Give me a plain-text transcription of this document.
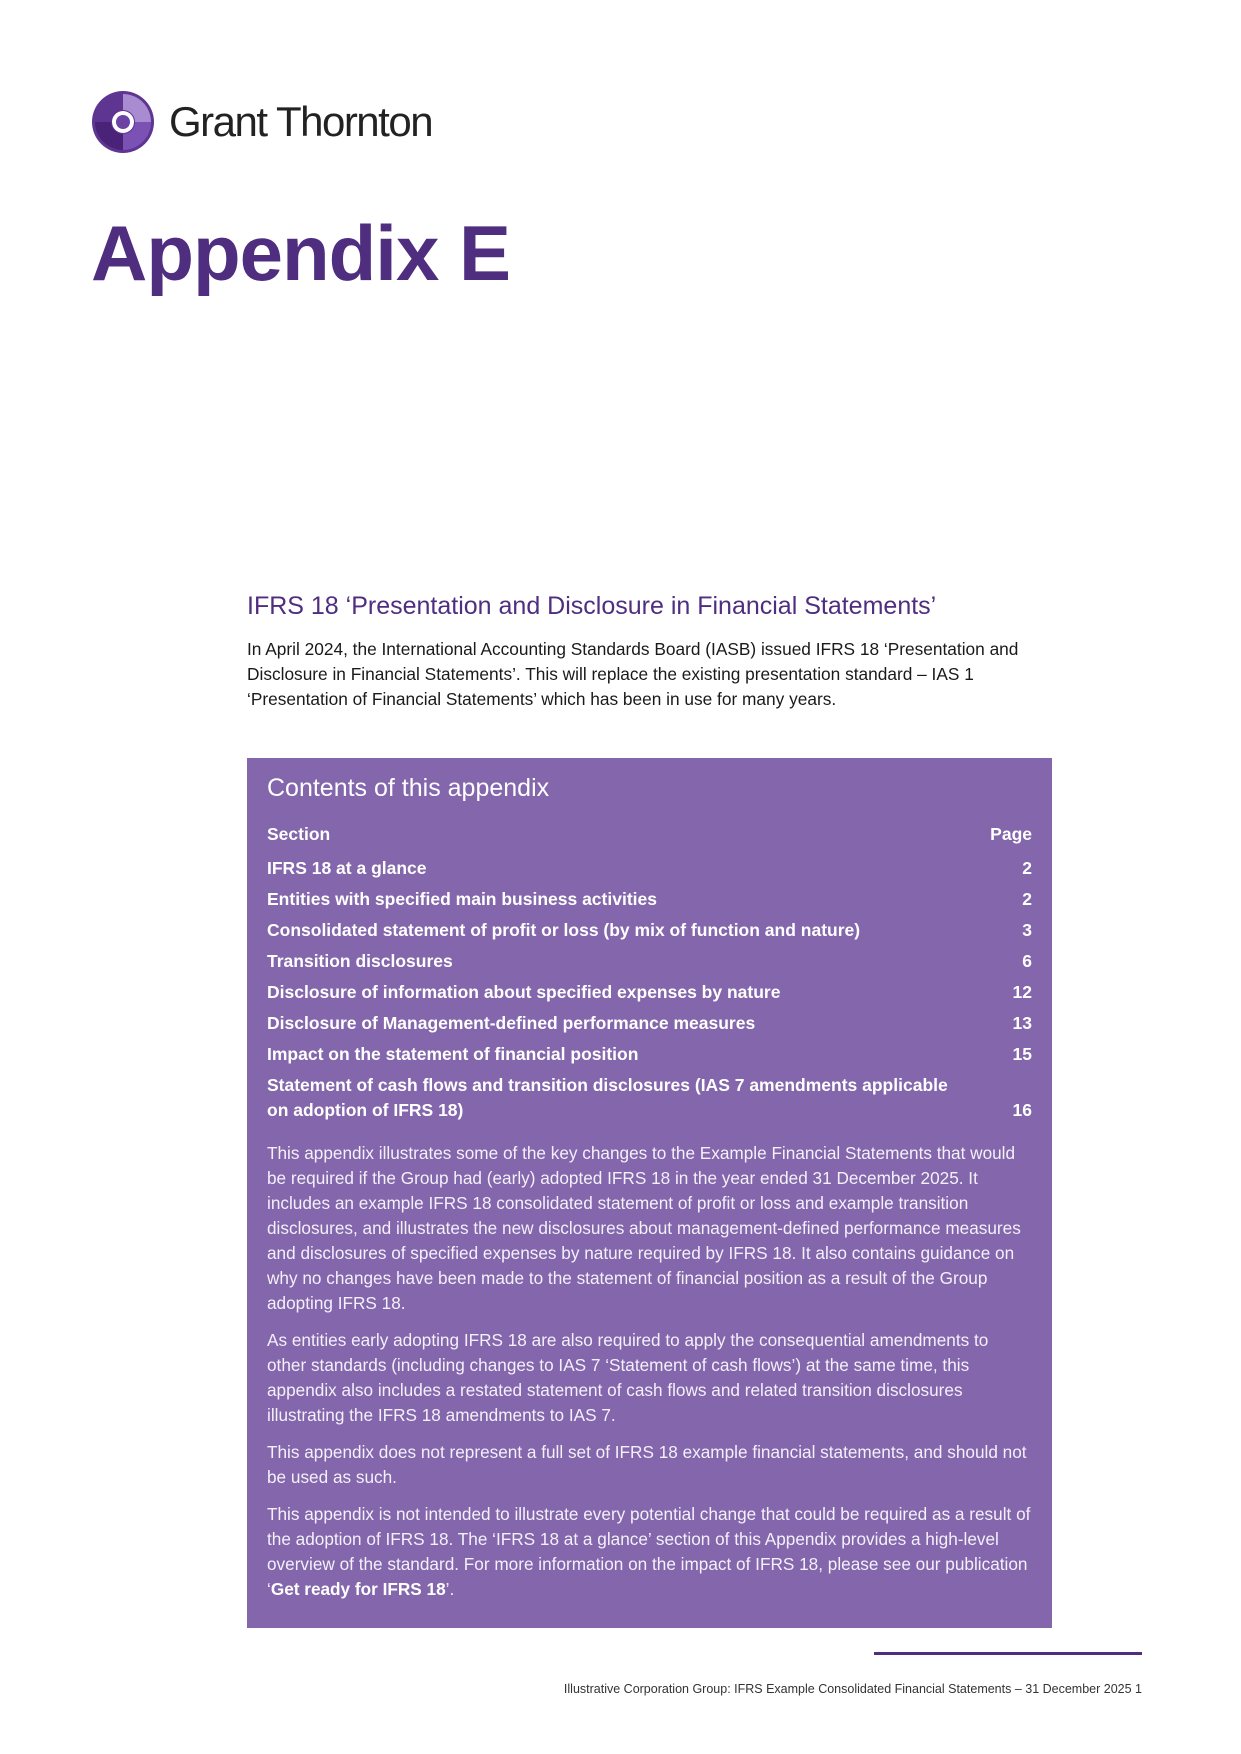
Grant Thornton
Appendix E
IFRS 18 ‘Presentation and Disclosure in Financial Statements’

In April 2024, the International Accounting Standards Board (IASB) issued IFRS 18 ‘Presentation and Disclosure in Financial Statements’. This will replace the existing presentation standard – IAS 1 ‘Presentation of Financial Statements’ which has been in use for many years.

Contents of this appendix
Section	Page
IFRS 18 at a glance	2
Entities with specified main business activities	2
Consolidated statement of profit or loss (by mix of function and nature)	3
Transition disclosures	6
Disclosure of information about specified expenses by nature	12
Disclosure of Management-defined performance measures	13
Impact on the statement of financial position	15
Statement of cash flows and transition disclosures (IAS 7 amendments applicable on adoption of IFRS 18)	16

This appendix illustrates some of the key changes to the Example Financial Statements that would be required if the Group had (early) adopted IFRS 18 in the year ended 31 December 2025. It includes an example IFRS 18 consolidated statement of profit or loss and example transition disclosures, and illustrates the new disclosures about management-defined performance measures and disclosures of specified expenses by nature required by IFRS 18. It also contains guidance on why no changes have been made to the statement of financial position as a result of the Group adopting IFRS 18.

As entities early adopting IFRS 18 are also required to apply the consequential amendments to other standards (including changes to IAS 7 ‘Statement of cash flows’) at the same time, this appendix also includes a restated statement of cash flows and related transition disclosures illustrating the IFRS 18 amendments to IAS 7.

This appendix does not represent a full set of IFRS 18 example financial statements, and should not be used as such.

This appendix is not intended to illustrate every potential change that could be required as a result of the adoption of IFRS 18. The ‘IFRS 18 at a glance’ section of this Appendix provides a high-level overview of the standard. For more information on the impact of IFRS 18, please see our publication ‘Get ready for IFRS 18’.

Illustrative Corporation Group: IFRS Example Consolidated Financial Statements – 31 December 2025 1
